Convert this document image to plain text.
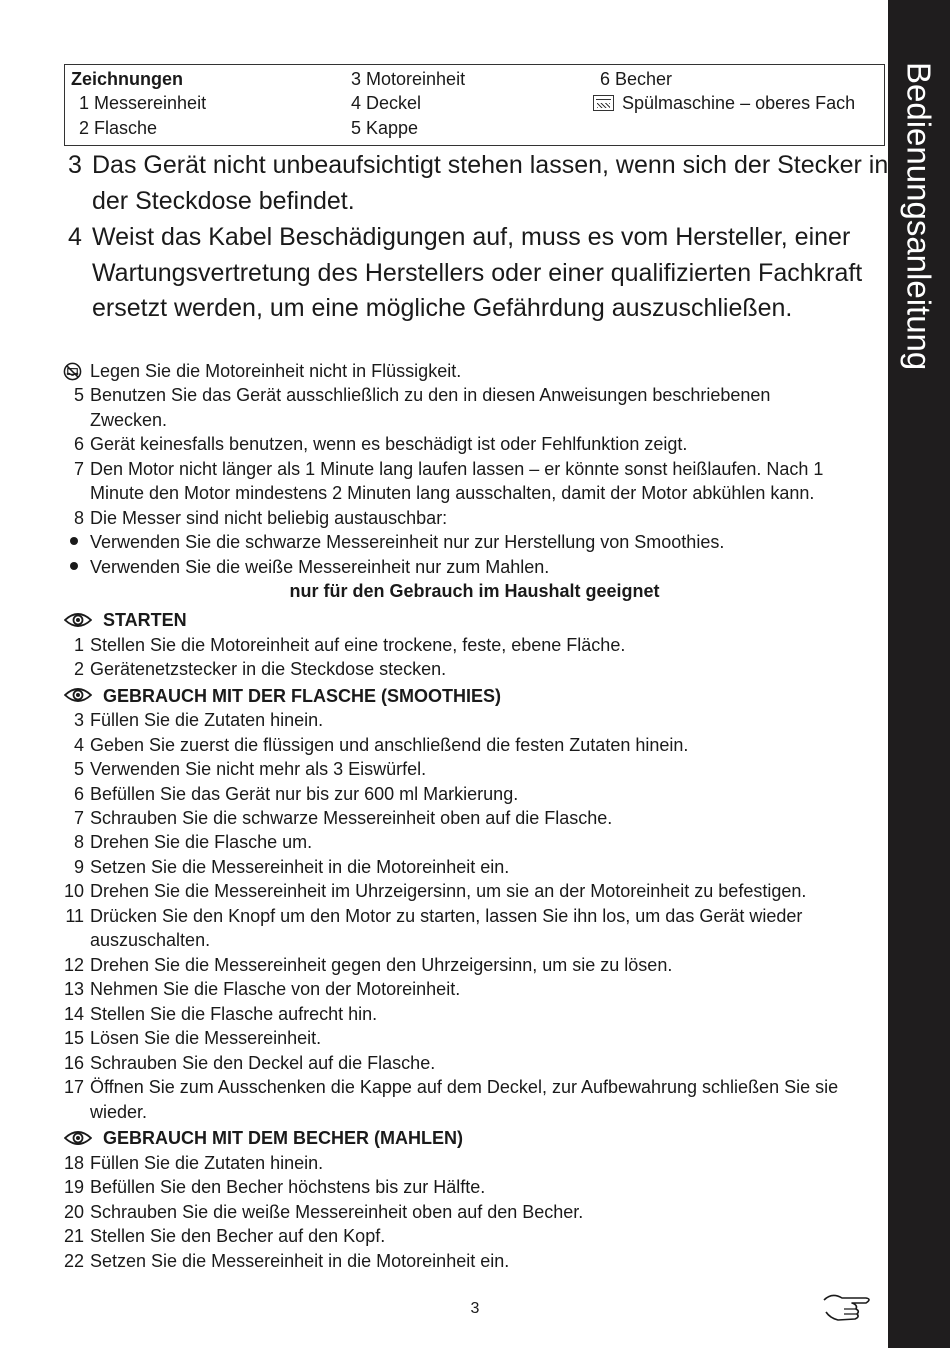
Bedienungsanleitung
Zeichnungen
1 Messereinheit
2 Flasche
3 Motoreinheit
4 Deckel
5 Kappe
6 Becher
Spülmaschine – oberes Fach
3 Das Gerät nicht unbeaufsichtigt stehen lassen, wenn sich der Stecker in der Steckdose befindet.
4 Weist das Kabel Beschädigungen auf, muss es vom Hersteller, einer Wartungsvertretung des Herstellers oder einer qualifizierten Fachkraft ersetzt werden, um eine mögliche Gefährdung auszuschließen.
Legen Sie die Motoreinheit nicht in Flüssigkeit.
5 Benutzen Sie das Gerät ausschließlich zu den in diesen Anweisungen beschriebenen
Zwecken.
6 Gerät keinesfalls benutzen, wenn es beschädigt ist oder Fehlfunktion zeigt.
7 Den Motor nicht länger als 1 Minute lang laufen lassen – er könnte sonst heißlaufen. Nach 1
Minute den Motor mindestens 2 Minuten lang ausschalten, damit der Motor abkühlen kann.
8 Die Messer sind nicht beliebig austauschbar:
Verwenden Sie die schwarze Messereinheit nur zur Herstellung von Smoothies.
Verwenden Sie die weiße Messereinheit nur zum Mahlen.
nur für den Gebrauch im Haushalt geeignet
STARTEN
1 Stellen Sie die Motoreinheit auf eine trockene, feste, ebene Fläche.
2 Gerätenetzstecker in die Steckdose stecken.
GEBRAUCH MIT DER FLASCHE (SMOOTHIES)
3 Füllen Sie die Zutaten hinein.
4 Geben Sie zuerst die flüssigen und anschließend die festen Zutaten hinein.
5 Verwenden Sie nicht mehr als 3 Eiswürfel.
6 Befüllen Sie das Gerät nur bis zur 600 ml Markierung.
7 Schrauben Sie die schwarze Messereinheit oben auf die Flasche.
8 Drehen Sie die Flasche um.
9 Setzen Sie die Messereinheit in die Motoreinheit ein.
10 Drehen Sie die Messereinheit im Uhrzeigersinn, um sie an der Motoreinheit zu befestigen.
11 Drücken Sie den Knopf um den Motor zu starten, lassen Sie ihn los, um das Gerät wieder
auszuschalten.
12 Drehen Sie die Messereinheit gegen den Uhrzeigersinn, um sie zu lösen.
13 Nehmen Sie die Flasche von der Motoreinheit.
14 Stellen Sie die Flasche aufrecht hin.
15 Lösen Sie die Messereinheit.
16 Schrauben Sie den Deckel auf die Flasche.
17 Öffnen Sie zum Ausschenken die Kappe auf dem Deckel, zur Aufbewahrung schließen Sie sie
wieder.
GEBRAUCH MIT DEM BECHER (MAHLEN)
18 Füllen Sie die Zutaten hinein.
19 Befüllen Sie den Becher höchstens bis zur Hälfte.
20 Schrauben Sie die weiße Messereinheit oben auf den Becher.
21 Stellen Sie den Becher auf den Kopf.
22 Setzen Sie die Messereinheit in die Motoreinheit ein.
3
